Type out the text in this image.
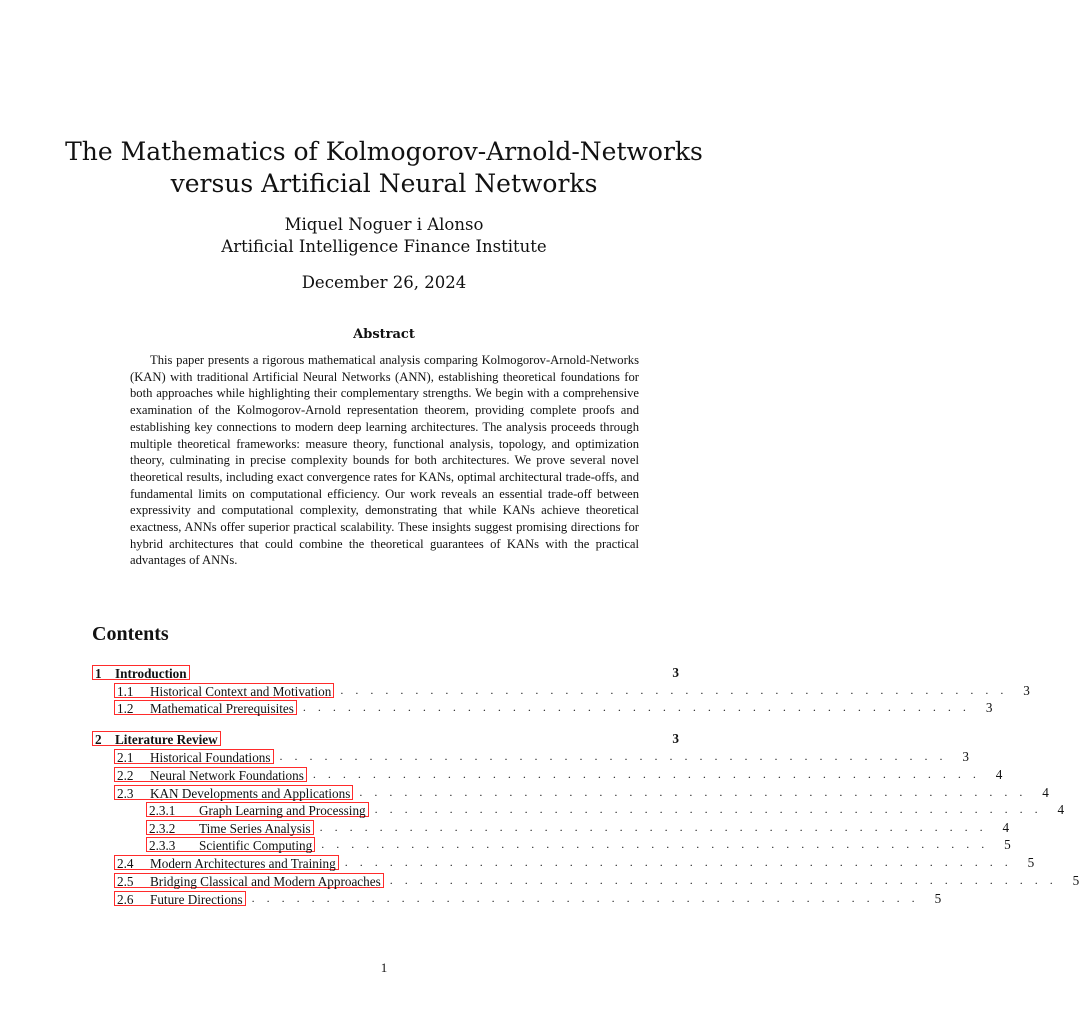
The Mathematics of Kolmogorov-Arnold-Networks
versus Artificial Neural Networks
Miquel Noguer i Alonso
Artificial Intelligence Finance Institute
December 26, 2024
Abstract

This paper presents a rigorous mathematical analysis comparing Kolmogorov-Arnold-Networks (KAN) with traditional Artificial Neural Networks (ANN), establishing theoretical foundations for both approaches while highlighting their complementary strengths. We begin with a comprehensive examination of the Kolmogorov-Arnold representation theorem, providing complete proofs and establishing key connections to modern deep learning architectures. The analysis proceeds through multiple theoretical frameworks: measure theory, functional analysis, topology, and optimization theory, culminating in precise complexity bounds for both architectures. We prove several novel theoretical results, including exact convergence rates for KANs, optimal architectural trade-offs, and fundamental limits on computational efficiency. Our work reveals an essential trade-off between expressivity and computational complexity, demonstrating that while KANs achieve theoretical exactness, ANNs offer superior practical scalability. These insights suggest promising directions for hybrid architectures that could combine the theoretical guarantees of KANs with the practical advantages of ANNs.

Contents
1	Introduction	3
1.1	Historical Context and Motivation . . . . . . . . . . . . . . . . . . . . . . . . . . . . . . . . . . . . . . . . . . . . .	3
1.2	Mathematical Prerequisites . . . . . . . . . . . . . . . . . . . . . . . . . . . . . . . . . . . . . . . . . . . . .	3
2	Literature Review	3
2.1	Historical Foundations . . . . . . . . . . . . . . . . . . . . . . . . . . . . . . . . . . . . . . . . . . . . .	3
2.2	Neural Network Foundations . . . . . . . . . . . . . . . . . . . . . . . . . . . . . . . . . . . . . . . . . . . . .	4
2.3	KAN Developments and Applications . . . . . . . . . . . . . . . . . . . . . . . . . . . . . . . . . . . . . . . . . . . . .	4
2.3.1	Graph Learning and Processing . . . . . . . . . . . . . . . . . . . . . . . . . . . . . . . . . . . . . . . . . . . . .	4
2.3.2	Time Series Analysis . . . . . . . . . . . . . . . . . . . . . . . . . . . . . . . . . . . . . . . . . . . . .	4
2.3.3	Scientific Computing . . . . . . . . . . . . . . . . . . . . . . . . . . . . . . . . . . . . . . . . . . . . .	5
2.4	Modern Architectures and Training . . . . . . . . . . . . . . . . . . . . . . . . . . . . . . . . . . . . . . . . . . . . .	5
2.5	Bridging Classical and Modern Approaches . . . . . . . . . . . . . . . . . . . . . . . . . . . . . . . . . . . . . . . . . . . . .	5
2.6	Future Directions . . . . . . . . . . . . . . . . . . . . . . . . . . . . . . . . . . . . . . . . . . . . .	5
1
